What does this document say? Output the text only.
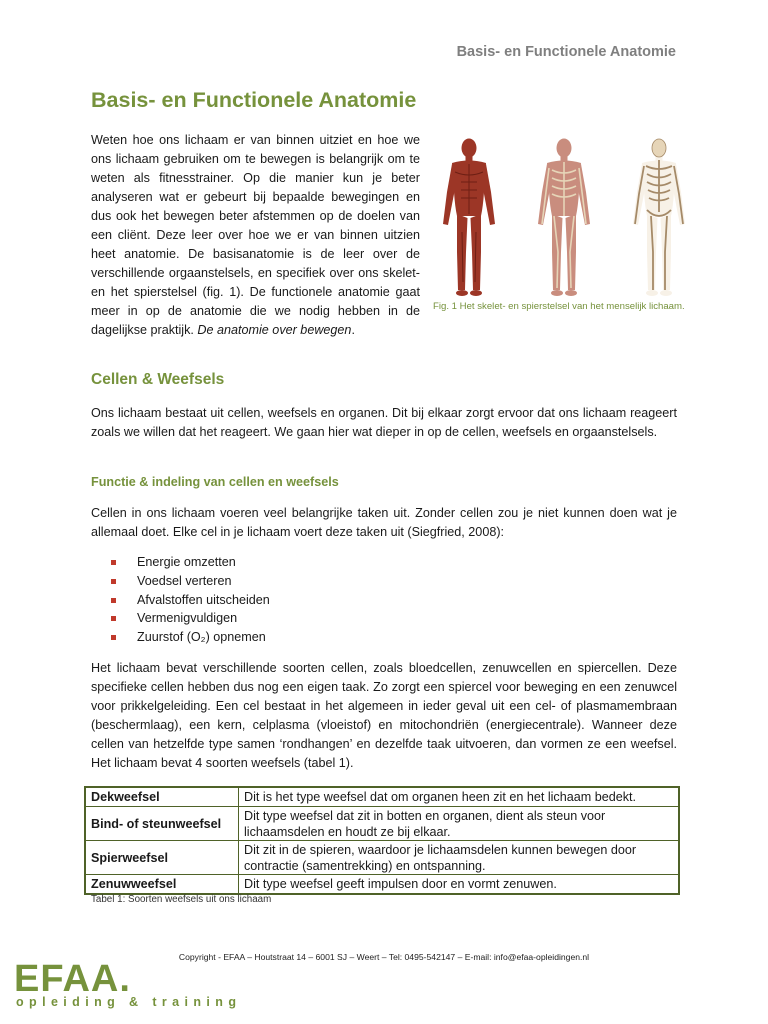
Basis- en Functionele Anatomie
Basis- en Functionele Anatomie

Weten hoe ons lichaam er van binnen uitziet en hoe we ons lichaam gebruiken om te bewegen is belangrijk om te weten als fitnesstrainer. Op die manier kun je beter analyseren wat er gebeurt bij bepaalde bewegingen en dus ook het bewegen beter afstemmen op de doelen van een cliënt. Deze leer over hoe we er van binnen uitzien heet anatomie. De basisanatomie is de leer over de verschillende orgaanstelsels, en specifiek over ons skelet- en het spierstelsel (fig. 1). De functionele anatomie gaat meer in op de anatomie die we nodig hebben in de dagelijkse praktijk. De anatomie over bewegen.

Fig. 1 Het skelet- en spierstelsel van het menselijk lichaam.
Cellen & Weefsels

Ons lichaam bestaat uit cellen, weefsels en organen. Dit bij elkaar zorgt ervoor dat ons lichaam reageert zoals we willen dat het reageert. We gaan hier wat dieper in op de cellen, weefsels en orgaanstelsels.

Functie & indeling van cellen en weefsels

Cellen in ons lichaam voeren veel belangrijke taken uit. Zonder cellen zou je niet kunnen doen wat je allemaal doet. Elke cel in je lichaam voert deze taken uit (Siegfried, 2008):

Energie omzetten
Voedsel verteren
Afvalstoffen uitscheiden
Vermenigvuldigen
Zuurstof (O₂) opnemen

Het lichaam bevat verschillende soorten cellen, zoals bloedcellen, zenuwcellen en spiercellen. Deze specifieke cellen hebben dus nog een eigen taak. Zo zorgt een spiercel voor beweging en een zenuwcel voor prikkelgeleiding. Een cel bestaat in het algemeen in ieder geval uit een cel- of plasmamembraan (beschermlaag), een kern, celplasma (vloeistof) en mitochondriën (energiecentrale). Wanneer deze cellen van hetzelfde type samen ‘rondhangen’ en dezelfde taak uitvoeren, dan vormen ze een weefsel. Het lichaam bevat 4 soorten weefsels (tabel 1).

Dekweefsel	Dit is het type weefsel dat om organen heen zit en het lichaam bedekt.
Bind- of steunweefsel	Dit type weefsel dat zit in botten en organen, dient als steun voor lichaamsdelen en houdt ze bij elkaar.
Spierweefsel	Dit zit in de spieren, waardoor je lichaamsdelen kunnen bewegen door contractie (samentrekking) en ontspanning.
Zenuwweefsel	Dit type weefsel geeft impulsen door en vormt zenuwen.
Tabel 1: Soorten weefsels uit ons lichaam
Copyright - EFAA – Houtstraat 14 – 6001 SJ – Weert – Tel: 0495-542147 – E-mail: info@efaa-opleidingen.nl
EFAA.
opleiding & training
